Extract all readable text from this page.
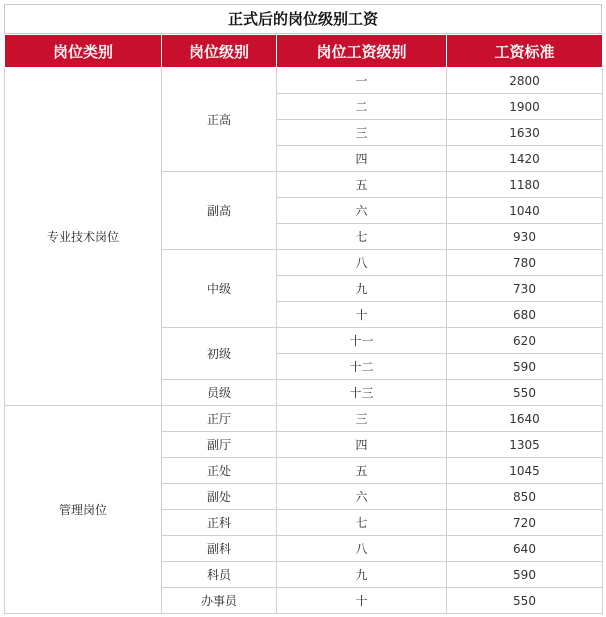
正式后的岗位级别工资
岗位类别	岗位级别	岗位工资级别	工资标准
专业技术岗位	正高	一	2800
		二	1900
		三	1630
		四	1420
	副高	五	1180
		六	1040
		七	930
	中级	八	780
		九	730
		十	680
	初级	十一	620
		十二	590
	员级	十三	550
管理岗位	正厅	三	1640
	副厅	四	1305
	正处	五	1045
	副处	六	850
	正科	七	720
	副科	八	640
	科员	九	590
	办事员	十	550
